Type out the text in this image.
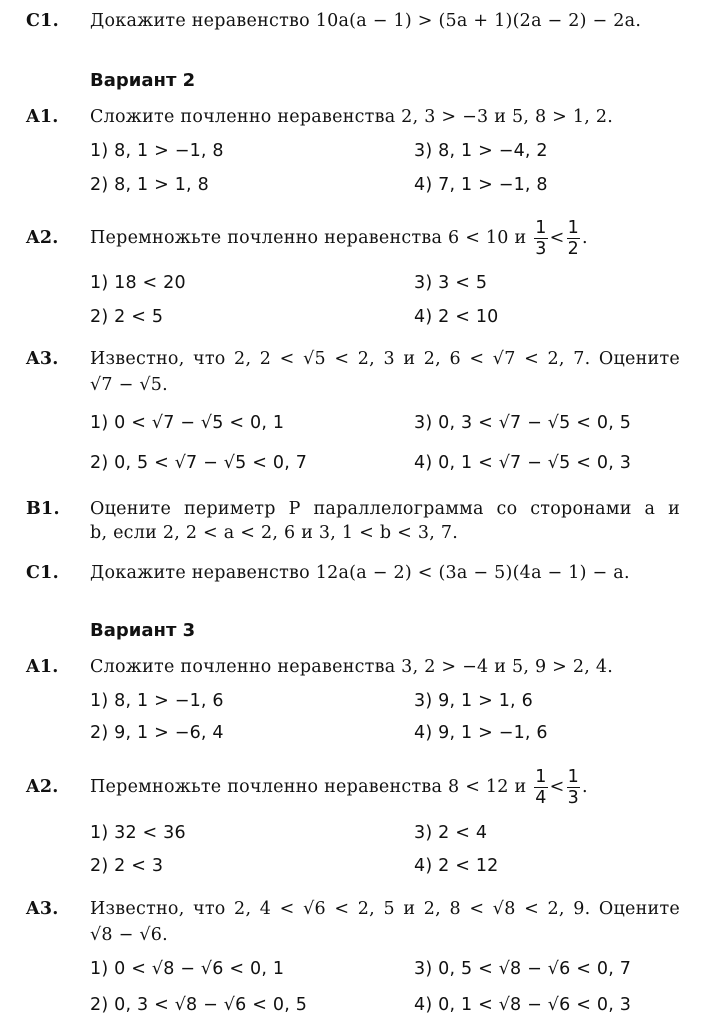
C1. Докажите неравенство 10a(a − 1) > (5a + 1)(2a − 2) − 2a.
Вариант 2
A1. Сложите почленно неравенства 2, 3 > −3 и 5, 8 > 1, 2.
1) 8, 1 > −1, 8	3) 8, 1 > −4, 2
2) 8, 1 > 1, 8	4) 7, 1 > −1, 8
A2. Перемножьте почленно неравенства 6 < 10 и $\frac{1}{3} < \frac{1}{2}$ .
1) 18 < 20	3) 3 < 5
2) 2 < 5	4) 2 < 10
A3. Известно, что 2, 2 < √5 < 2, 3 и 2, 6 < √7 < 2, 7. Оцените
√7 − √5.
1) 0 < √7 − √5 < 0, 1	3) 0, 3 < √7 − √5 < 0, 5
2) 0, 5 < √7 − √5 < 0, 7	4) 0, 1 < √7 − √5 < 0, 3
B1. Оцените периметр P параллелограмма со сторонами a и
b, если 2, 2 < a < 2, 6 и 3, 1 < b < 3, 7.
C1. Докажите неравенство 12a(a − 2) < (3a − 5)(4a − 1) − a.
Вариант 3
A1. Сложите почленно неравенства 3, 2 > −4 и 5, 9 > 2, 4.
1) 8, 1 > −1, 6	3) 9, 1 > 1, 6
2) 9, 1 > −6, 4	4) 9, 1 > −1, 6
A2. Перемножьте почленно неравенства 8 < 12 и $\frac{1}{4} < \frac{1}{3}$ .
1) 32 < 36	3) 2 < 4
2) 2 < 3	4) 2 < 12
A3. Известно, что 2, 4 < √6 < 2, 5 и 2, 8 < √8 < 2, 9. Оцените
√8 − √6.
1) 0 < √8 − √6 < 0, 1	3) 0, 5 < √8 − √6 < 0, 7
2) 0, 3 < √8 − √6 < 0, 5	4) 0, 1 < √8 − √6 < 0, 3
